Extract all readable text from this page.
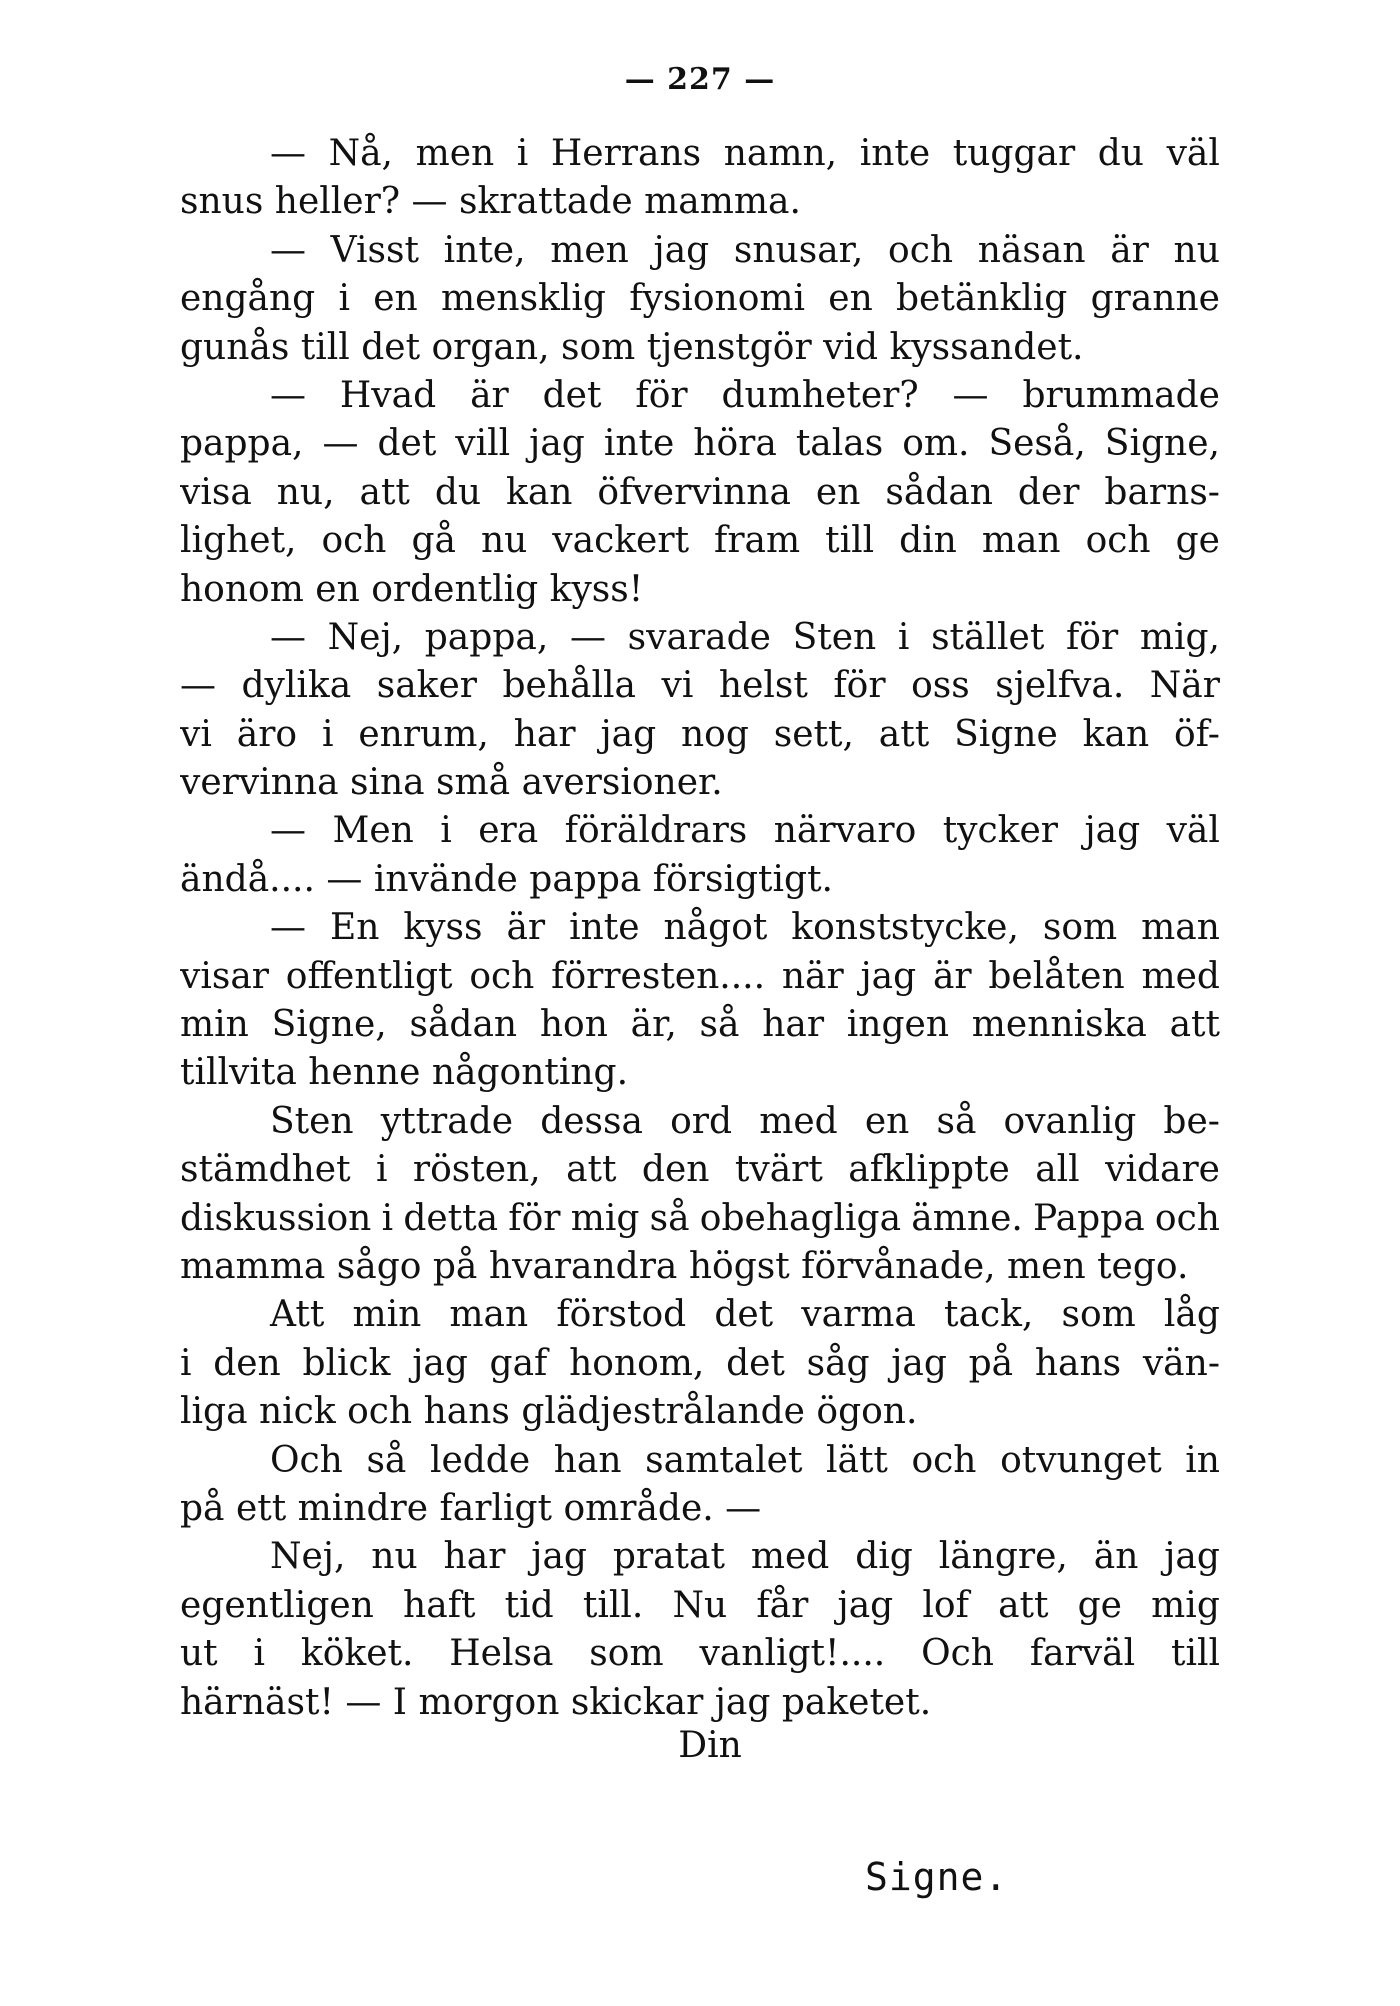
— 227 —
— Nå, men i Herrans namn, inte tuggar du väl
snus heller? — skrattade mamma.
— Visst inte, men jag snusar, och näsan är nu
engång i en mensklig fysionomi en betänklig granne
gunås till det organ, som tjenstgör vid kyssandet.
— Hvad är det för dumheter? — brummade
pappa, — det vill jag inte höra talas om. Seså, Signe,
visa nu, att du kan öfvervinna en sådan der barns-
lighet, och gå nu vackert fram till din man och ge
honom en ordentlig kyss!
— Nej, pappa, — svarade Sten i stället för mig,
— dylika saker behålla vi helst för oss sjelfva. När
vi äro i enrum, har jag nog sett, att Signe kan öf-
vervinna sina små aversioner.
— Men i era föräldrars närvaro tycker jag väl
ändå.... — invände pappa försigtigt.
— En kyss är inte något konststycke, som man
visar offentligt och förresten.... när jag är belåten med
min Signe, sådan hon är, så har ingen menniska att
tillvita henne någonting.
Sten yttrade dessa ord med en så ovanlig be-
stämdhet i rösten, att den tvärt afklippte all vidare
diskussion i detta för mig så obehagliga ämne. Pappa och
mamma sågo på hvarandra högst förvånade, men tego.
Att min man förstod det varma tack, som låg
i den blick jag gaf honom, det såg jag på hans vän-
liga nick och hans glädjestrålande ögon.
Och så ledde han samtalet lätt och otvunget in
på ett mindre farligt område. —
Nej, nu har jag pratat med dig längre, än jag
egentligen haft tid till. Nu får jag lof att ge mig
ut i köket. Helsa som vanligt!.... Och farväl till
härnäst! — I morgon skickar jag paketet.
Din
Signe.
